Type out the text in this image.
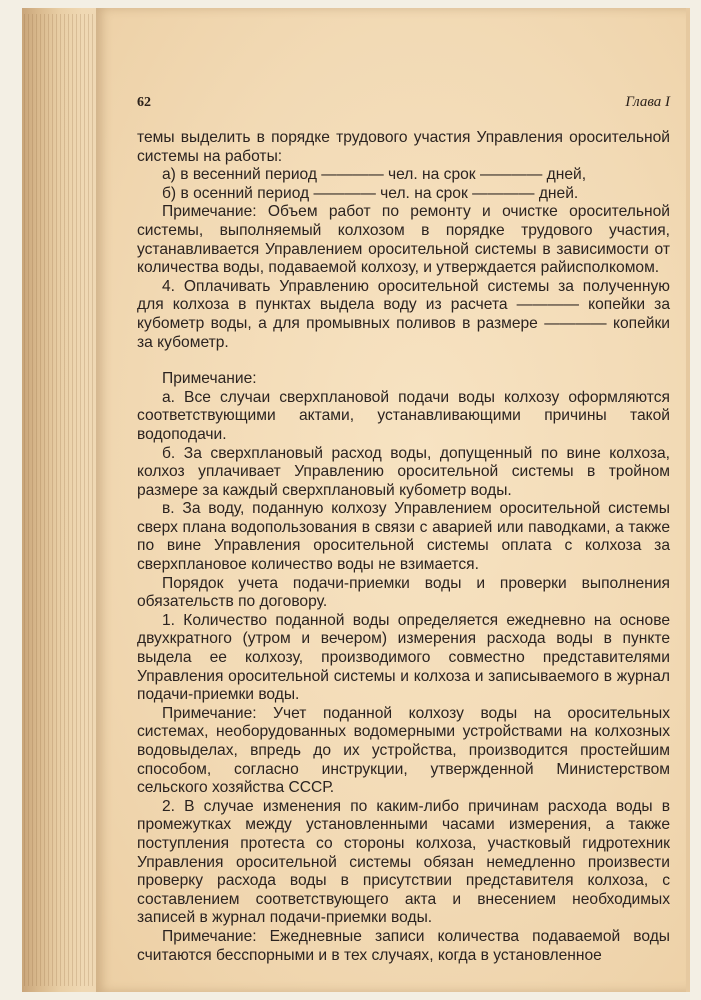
62	Глава I

темы выделить в порядке трудового участия Управления оросительной системы на работы:

а) в весенний период ———— чел. на срок ———— дней,

б) в осенний период ———— чел. на срок ———— дней.

Примечание: Объем работ по ремонту и очистке оросительной системы, выполняемый колхозом в порядке трудового участия, устанавливается Управлением оросительной системы в зависимости от количества воды, подаваемой колхозу, и утверждается райисполкомом.

4. Оплачивать Управлению оросительной системы за полученную для колхоза в пунктах выдела воду из расчета ———— копейки за кубометр воды, а для промывных поливов в размере ———— копейки за кубометр.

Примечание:

а. Все случаи сверхплановой подачи воды колхозу оформляются соответствующими актами, устанавливающими причины такой водоподачи.

б. За сверхплановый расход воды, допущенный по вине колхоза, колхоз уплачивает Управлению оросительной системы в тройном размере за каждый сверхплановый кубометр воды.

в. За воду, поданную колхозу Управлением оросительной системы сверх плана водопользования в связи с аварией или паводками, а также по вине Управления оросительной системы оплата с колхоза за сверхплановое количество воды не взимается.

Порядок учета подачи-приемки воды и проверки выполнения обязательств по договору.

1. Количество поданной воды определяется ежедневно на основе двухкратного (утром и вечером) измерения расхода воды в пункте выдела ее колхозу, производимого совместно представителями Управления оросительной системы и колхоза и записываемого в журнал подачи-приемки воды.

Примечание: Учет поданной колхозу воды на оросительных системах, необорудованных водомерными устройствами на колхозных водовыделах, впредь до их устройства, производится простейшим способом, согласно инструкции, утвержденной Министерством сельского хозяйства СССР.

2. В случае изменения по каким-либо причинам расхода воды в промежутках между установленными часами измерения, а также поступления протеста со стороны колхоза, участковый гидротехник Управления оросительной системы обязан немедленно произвести проверку расхода воды в присутствии представителя колхоза, с составлением соответствующего акта и внесением необходимых записей в журнал подачи-приемки воды.

Примечание: Ежедневные записи количества подаваемой воды считаются бесспорными и в тех случаях, когда в установленное
